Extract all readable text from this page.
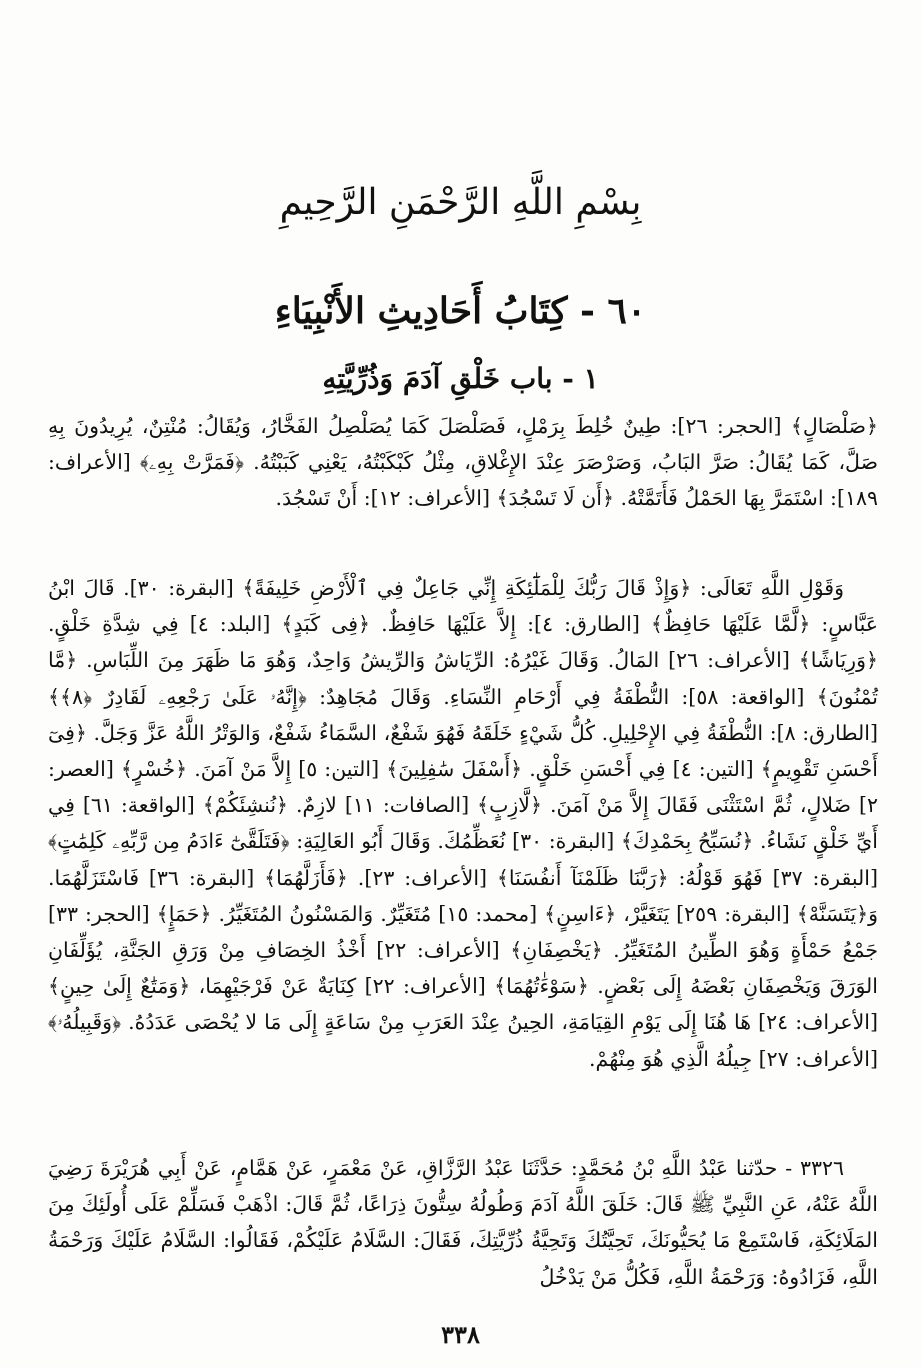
بِسْمِ اللَّهِ الرَّحْمَنِ الرَّحِيمِ
٦٠ - كِتَابُ أَحَادِيثِ الأَنْبِيَاءِ
١ - باب خَلْقِ آدَمَ وَذُرِّيَّتِهِ

﴿صَلْصَالٍ﴾ [الحجر: ٢٦]: طِينٌ خُلِطَ بِرَمْلٍ، فَصَلْصَلَ كَمَا يُصَلْصِلُ الفَخَّارُ، وَيُقَالُ: مُنْتِنٌ، يُرِيدُونَ بِهِ صَلَّ، كَمَا يُقَالُ: صَرَّ البَابُ، وَصَرْصَرَ عِنْدَ الإِغْلاقِ، مِثْلُ كَبْكَبْتُهُ، يَعْنِي كَبَبْتُهُ. ﴿فَمَرَّتْ بِهِۦ﴾ [الأعراف: ١٨٩]: اسْتَمَرَّ بِهَا الحَمْلُ فَأَتَمَّتْهُ. ﴿أَن لَا تَسْجُدَ﴾ [الأعراف: ١٢]: أَنْ تَسْجُدَ.

وَقَوْلِ اللَّهِ تَعَالَى: ﴿وَإِذْ قَالَ رَبُّكَ لِلْمَلَٰٓئِكَةِ إِنِّي جَاعِلٌ فِي ٱلْأَرْضِ خَلِيفَةً﴾ [البقرة: ٣٠]. قَالَ ابْنُ عَبَّاسٍ: ﴿لَّمَّا عَلَيْهَا حَافِظٌ﴾ [الطارق: ٤]: إِلاَّ عَلَيْهَا حَافِظٌ. ﴿فِى كَبَدٍ﴾ [البلد: ٤] فِي شِدَّةِ خَلْقٍ. ﴿وَرِيَاشًا﴾ [الأعراف: ٢٦] المَالُ. وَقَالَ غَيْرُهُ: الرِّيَاشُ وَالرِّيشُ وَاحِدٌ، وَهُوَ مَا ظَهَرَ مِنَ اللِّبَاسِ. ﴿مَّا تُمْنُونَ﴾ [الواقعة: ٥٨]: النُّطْفَةُ فِي أَرْحَامِ النِّسَاءِ. وَقَالَ مُجَاهِدٌ: ﴿إِنَّهُۥ عَلَىٰ رَجْعِهِۦ لَقَادِرٌ ﴿٨﴾﴾ [الطارق: ٨]: النُّطْفَةُ فِي الإِحْلِيلِ. كُلُّ شَيْءٍ خَلَقَهُ فَهُوَ شَفْعٌ، السَّمَاءُ شَفْعٌ، وَالوَتْرُ اللَّهُ عَزَّ وَجَلَّ. ﴿فِىٓ أَحْسَنِ تَقْوِيمٍ﴾ [التين: ٤] فِي أَحْسَنِ خَلْقٍ. ﴿أَسْفَلَ سَٰفِلِينَ﴾ [التين: ٥] إِلاَّ مَنْ آمَنَ. ﴿خُسْرٍ﴾ [العصر: ٢] ضَلالٍ، ثُمَّ اسْتَثْنَى فَقَالَ إِلاَّ مَنْ آمَنَ. ﴿لَّازِبٍ﴾ [الصافات: ١١] لازِمٌ. ﴿نُنشِئَكُمْ﴾ [الواقعة: ٦١] فِي أَيِّ خَلْقٍ نَشَاءُ. ﴿نُسَبِّحُ بِحَمْدِكَ﴾ [البقرة: ٣٠] نُعَظِّمُكَ. وَقَالَ أَبُو العَالِيَةِ: ﴿فَتَلَقَّىٰٓ ءَادَمُ مِن رَّبِّهِۦ كَلِمَٰتٍ﴾ [البقرة: ٣٧] فَهُوَ قَوْلُهُ: ﴿رَبَّنَا ظَلَمْنَآ أَنفُسَنَا﴾ [الأعراف: ٢٣]. ﴿فَأَزَلَّهُمَا﴾ [البقرة: ٣٦] فَاسْتَزَلَّهُمَا. وَ﴿يَتَسَنَّهْ﴾ [البقرة: ٢٥٩] يَتَغَيَّرْ، ﴿ءَاسِنٍ﴾ [محمد: ١٥] مُتَغَيِّرٌ. وَالمَسْنُونُ المُتَغَيِّرُ. ﴿حَمَإٍ﴾ [الحجر: ٣٣] جَمْعُ حَمْأَةٍ وَهُوَ الطِّينُ المُتَغَيِّرُ. ﴿يَخْصِفَانِ﴾ [الأعراف: ٢٢] أَخْذُ الخِصَافِ مِنْ وَرَقِ الجَنَّةِ، يُؤَلِّفَانِ الوَرَقَ وَيَخْصِفَانِ بَعْضَهُ إِلَى بَعْضٍ. ﴿سَوْءَٰتُهُمَا﴾ [الأعراف: ٢٢] كِنَايَةٌ عَنْ فَرْجَيْهِمَا، ﴿وَمَتَٰعٌ إِلَىٰ حِينٍ﴾ [الأعراف: ٢٤] هَا هُنَا إِلَى يَوْمِ القِيَامَةِ، الحِينُ عِنْدَ العَرَبِ مِنْ سَاعَةٍ إِلَى مَا لا يُحْصَى عَدَدُهُ. ﴿وَقَبِيلُهُۥ﴾ [الأعراف: ٢٧] جِيلُهُ الَّذِي هُوَ مِنْهُمْ.

٣٣٢٦ - حدّثنا عَبْدُ اللَّهِ بْنُ مُحَمَّدٍ: حَدَّثَنَا عَبْدُ الرَّزَّاقِ، عَنْ مَعْمَرٍ، عَنْ هَمَّامٍ، عَنْ أَبِي هُرَيْرَةَ رَضِيَ اللَّهُ عَنْهُ، عَنِ النَّبِيِّ ﷺ قَالَ: خَلَقَ اللَّهُ آدَمَ وَطُولُهُ سِتُّونَ ذِرَاعًا، ثُمَّ قَالَ: اذْهَبْ فَسَلِّمْ عَلَى أُولَئِكَ مِنَ المَلَائِكَةِ، فَاسْتَمِعْ مَا يُحَيُّونَكَ، تَحِيَّتُكَ وَتَحِيَّةُ ذُرِّيَّتِكَ، فَقَالَ: السَّلَامُ عَلَيْكُمْ، فَقَالُوا: السَّلَامُ عَلَيْكَ وَرَحْمَةُ اللَّهِ، فَزَادُوهُ: وَرَحْمَةُ اللَّهِ، فَكُلُّ مَنْ يَدْخُلُ

٣٣٨
